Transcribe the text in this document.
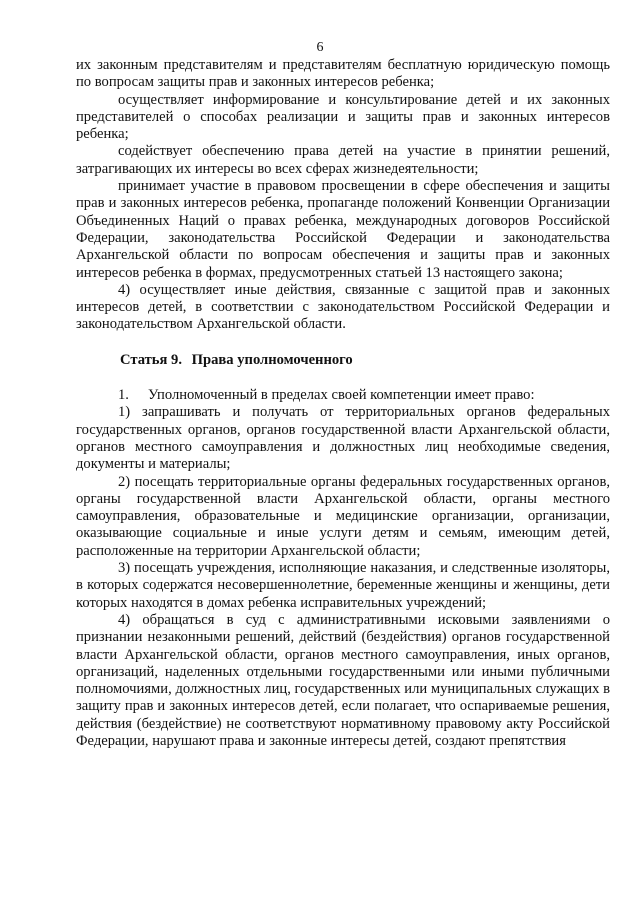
6

их законным представителям и представителям бесплатную юридическую помощь по вопросам защиты прав и законных интересов ребенка;

осуществляет информирование и консультирование детей и их законных представителей о способах реализации и защиты прав и законных интересов ребенка;

содействует обеспечению права детей на участие в принятии решений, затрагивающих их интересы во всех сферах жизнедеятельности;

принимает участие в правовом просвещении в сфере обеспечения и защиты прав и законных интересов ребенка, пропаганде положений Конвенции Организации Объединенных Наций о правах ребенка, международных договоров Российской Федерации, законодательства Российской Федерации и законодательства Архангельской области по вопросам обеспечения и защиты прав и законных интересов ребенка в формах, предусмотренных статьей 13 настоящего закона;

4) осуществляет иные действия, связанные с защитой прав и законных интересов детей, в соответствии с законодательством Российской Федерации и законодательством Архангельской области.

Статья 9. Права уполномоченного

1. Уполномоченный в пределах своей компетенции имеет право:

1) запрашивать и получать от территориальных органов федеральных государственных органов, органов государственной власти Архангельской области, органов местного самоуправления и должностных лиц необходимые сведения, документы и материалы;

2) посещать территориальные органы федеральных государственных органов, органы государственной власти Архангельской области, органы местного самоуправления, образовательные и медицинские организации, организации, оказывающие социальные и иные услуги детям и семьям, имеющим детей, расположенные на территории Архангельской области;

3) посещать учреждения, исполняющие наказания, и следственные изоляторы, в которых содержатся несовершеннолетние, беременные женщины и женщины, дети которых находятся в домах ребенка исправительных учреждений;

4) обращаться в суд с административными исковыми заявлениями о признании незаконными решений, действий (бездействия) органов государственной власти Архангельской области, органов местного самоуправления, иных органов, организаций, наделенных отдельными государственными или иными публичными полномочиями, должностных лиц, государственных или муниципальных служащих в защиту прав и законных интересов детей, если полагает, что оспариваемые решения, действия (бездействие) не соответствуют нормативному правовому акту Российской Федерации, нарушают права и законные интересы детей, создают препятствия
